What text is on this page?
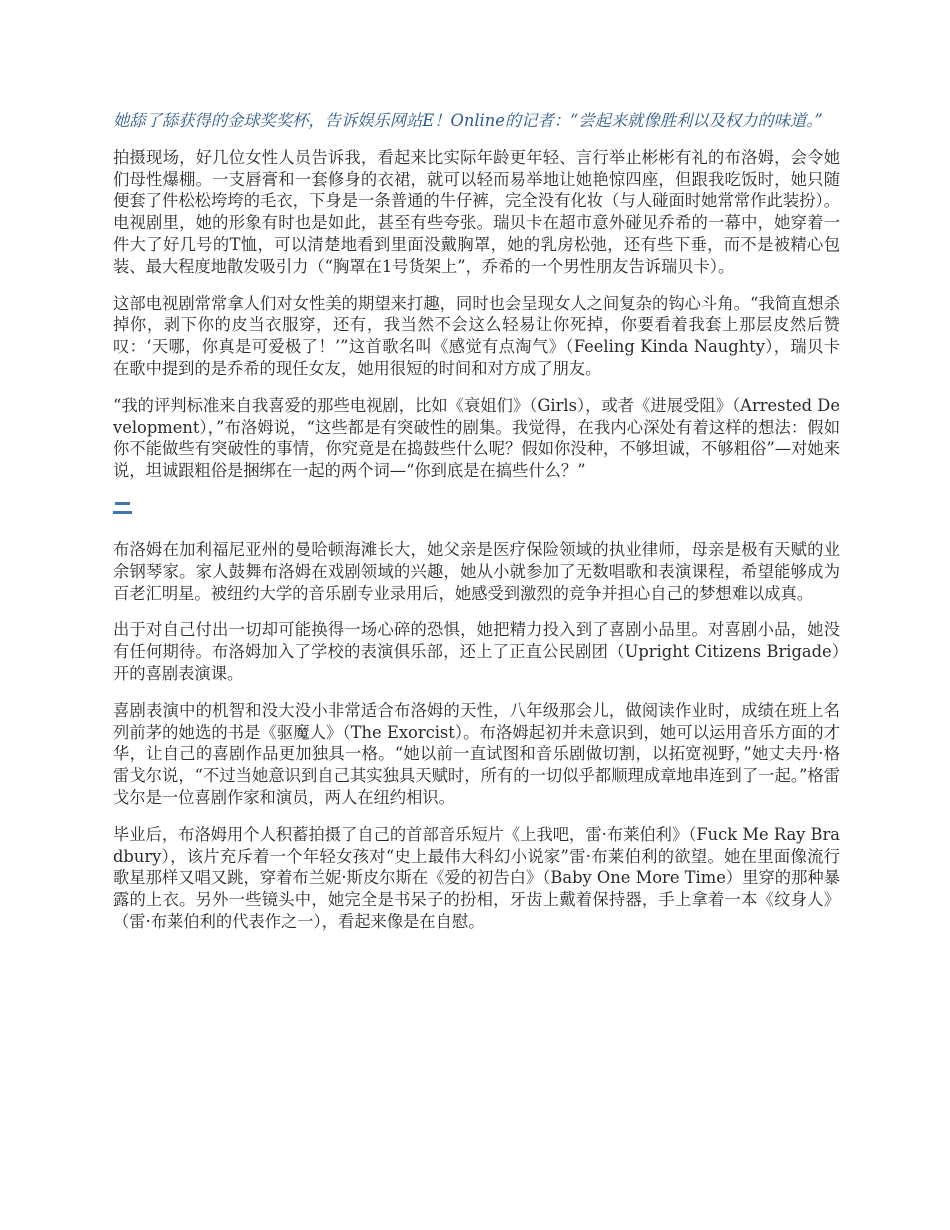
她舔了舔获得的金球奖奖杯，告诉娱乐网站E！Online的记者：“尝起来就像胜利以及权力的味道。”

拍摄现场，好几位女性人员告诉我，看起来比实际年龄更年轻、言行举止彬彬有礼的布洛姆，会令她们母性爆棚。一支唇膏和一套修身的衣裙，就可以轻而易举地让她艳惊四座，但跟我吃饭时，她只随便套了件松松垮垮的毛衣，下身是一条普通的牛仔裤，完全没有化妆（与人碰面时她常常作此装扮）。电视剧里，她的形象有时也是如此，甚至有些夸张。瑞贝卡在超市意外碰见乔希的一幕中，她穿着一件大了好几号的T恤，可以清楚地看到里面没戴胸罩，她的乳房松弛，还有些下垂，而不是被精心包装、最大程度地散发吸引力（“胸罩在1号货架上”，乔希的一个男性朋友告诉瑞贝卡）。

这部电视剧常常拿人们对女性美的期望来打趣，同时也会呈现女人之间复杂的钩心斗角。“我简直想杀掉你，剥下你的皮当衣服穿，还有，我当然不会这么轻易让你死掉，你要看着我套上那层皮然后赞叹：‘天哪，你真是可爱极了！’”这首歌名叫《感觉有点淘气》（Feeling Kinda Naughty），瑞贝卡在歌中提到的是乔希的现任女友，她用很短的时间和对方成了朋友。

“我的评判标准来自我喜爱的那些电视剧，比如《衰姐们》（Girls），或者《进展受阻》（Arrested Development），”布洛姆说，“这些都是有突破性的剧集。我觉得，在我内心深处有着这样的想法：假如你不能做些有突破性的事情，你究竟是在捣鼓些什么呢？假如你没种，不够坦诚，不够粗俗”—对她来说，坦诚跟粗俗是捆绑在一起的两个词—“你到底是在搞些什么？”

布洛姆在加利福尼亚州的曼哈顿海滩长大，她父亲是医疗保险领域的执业律师，母亲是极有天赋的业余钢琴家。家人鼓舞布洛姆在戏剧领域的兴趣，她从小就参加了无数唱歌和表演课程，希望能够成为百老汇明星。被纽约大学的音乐剧专业录用后，她感受到激烈的竞争并担心自己的梦想难以成真。

出于对自己付出一切却可能换得一场心碎的恐惧，她把精力投入到了喜剧小品里。对喜剧小品，她没有任何期待。布洛姆加入了学校的表演俱乐部，还上了正直公民剧团（Upright Citizens Brigade）开的喜剧表演课。

喜剧表演中的机智和没大没小非常适合布洛姆的天性，八年级那会儿，做阅读作业时，成绩在班上名列前茅的她选的书是《驱魔人》（The Exorcist）。布洛姆起初并未意识到，她可以运用音乐方面的才华，让自己的喜剧作品更加独具一格。“她以前一直试图和音乐剧做切割，以拓宽视野，”她丈夫丹·格雷戈尔说，“不过当她意识到自己其实独具天赋时，所有的一切似乎都顺理成章地串连到了一起。”格雷戈尔是一位喜剧作家和演员，两人在纽约相识。

毕业后，布洛姆用个人积蓄拍摄了自己的首部音乐短片《上我吧，雷·布莱伯利》（Fuck Me Ray Bradbury），该片充斥着一个年轻女孩对“史上最伟大科幻小说家”雷·布莱伯利的欲望。她在里面像流行歌星那样又唱又跳，穿着布兰妮·斯皮尔斯在《爱的初告白》（Baby One More Time）里穿的那种暴露的上衣。另外一些镜头中，她完全是书呆子的扮相，牙齿上戴着保持器，手上拿着一本《纹身人》（雷·布莱伯利的代表作之一），看起来像是在自慰。
